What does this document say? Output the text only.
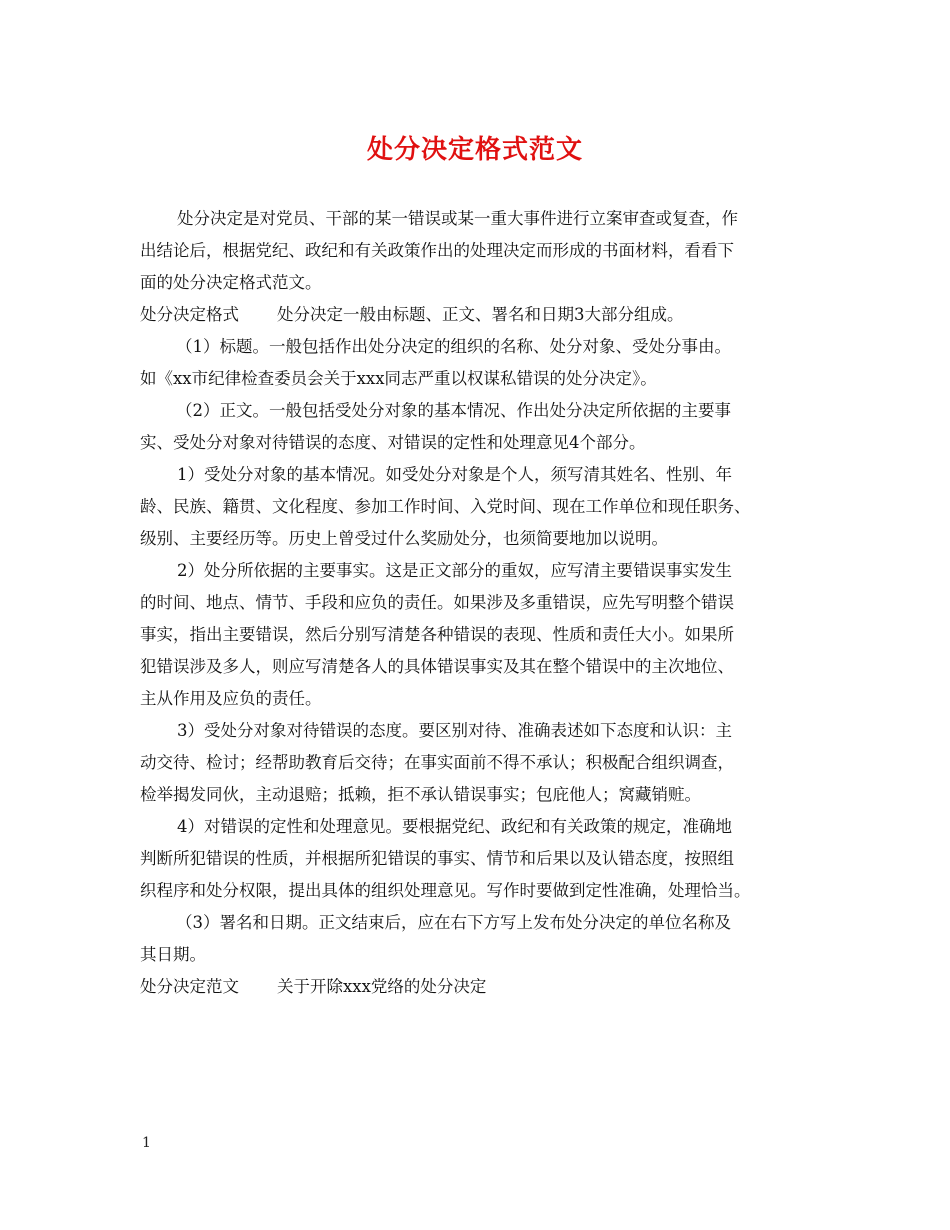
处分决定格式范文
处分决定是对党员、干部的某一错误或某一重大事件进行立案审查或复查，作
出结论后，根据党纪、政纪和有关政策作出的处理决定而形成的书面材料，看看下
面的处分决定格式范文。
处分决定格式 处分决定一般由标题、正文、署名和日期3大部分组成。
（1）标题。一般包括作出处分决定的组织的名称、处分对象、受处分事由。
如《xx市纪律检查委员会关于xxx同志严重以权谋私错误的处分决定》。
（2）正文。一般包括受处分对象的基本情况、作出处分决定所依据的主要事
实、受处分对象对待错误的态度、对错误的定性和处理意见4个部分。
1）受处分对象的基本情况。如受处分对象是个人，须写清其姓名、性别、年
龄、民族、籍贯、文化程度、参加工作时间、入党时间、现在工作单位和现任职务、
级别、主要经历等。历史上曾受过什么奖励处分，也须简要地加以说明。
2）处分所依据的主要事实。这是正文部分的重奴，应写清主要错误事实发生
的时间、地点、情节、手段和应负的责任。如果涉及多重错误，应先写明整个错误
事实，指出主要错误，然后分别写清楚各种错误的表现、性质和责任大小。如果所
犯错误涉及多人，则应写清楚各人的具体错误事实及其在整个错误中的主次地位、
主从作用及应负的责任。
3）受处分对象对待错误的态度。要区别对待、准确表述如下态度和认识：主
动交待、检讨；经帮助教育后交待；在事实面前不得不承认；积极配合组织调查，
检举揭发同伙，主动退赔；抵赖，拒不承认错误事实；包庇他人；窝藏销赃。
4）对错误的定性和处理意见。要根据党纪、政纪和有关政策的规定，准确地
判断所犯错误的性质，并根据所犯错误的事实、情节和后果以及认错态度，按照组
织程序和处分权限，提出具体的组织处理意见。写作时要做到定性准确，处理恰当。
（3）署名和日期。正文结束后，应在右下方写上发布处分决定的单位名称及
其日期。
处分决定范文 关于开除xxx党络的处分决定
1
